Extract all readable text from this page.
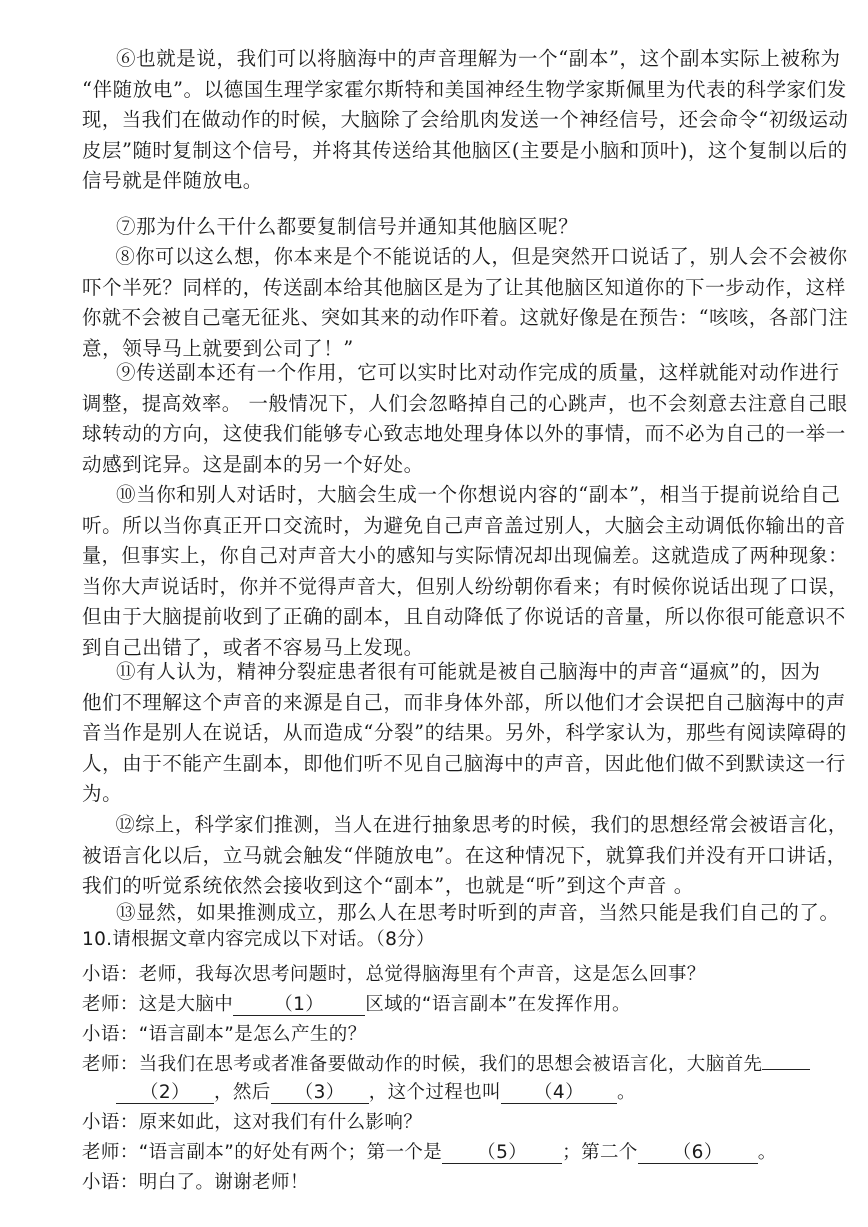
⑥也就是说，我们可以将脑海中的声音理解为一个“副本”，这个副本实际上被称为
“伴随放电”。以德国生理学家霍尔斯特和美国神经生物学家斯佩里为代表的科学家们发
现，当我们在做动作的时候，大脑除了会给肌肉发送一个神经信号，还会命令“初级运动
皮层”随时复制这个信号，并将其传送给其他脑区(主要是小脑和顶叶)，这个复制以后的
信号就是伴随放电。
⑦那为什么干什么都要复制信号并通知其他脑区呢？
⑧你可以这么想，你本来是个不能说话的人，但是突然开口说话了，别人会不会被你
吓个半死？同样的，传送副本给其他脑区是为了让其他脑区知道你的下一步动作，这样
你就不会被自己毫无征兆、突如其来的动作吓着。这就好像是在预告：“咳咳，各部门注
意，领导马上就要到公司了！”
⑨传送副本还有一个作用，它可以实时比对动作完成的质量，这样就能对动作进行
调整，提高效率。 一般情况下，人们会忽略掉自己的心跳声，也不会刻意去注意自己眼
球转动的方向，这使我们能够专心致志地处理身体以外的事情，而不必为自己的一举一
动感到诧异。这是副本的另一个好处。
⑩当你和别人对话时，大脑会生成一个你想说内容的“副本”，相当于提前说给自己
听。所以当你真正开口交流时，为避免自己声音盖过别人，大脑会主动调低你输出的音
量，但事实上，你自己对声音大小的感知与实际情况却出现偏差。这就造成了两种现象：
当你大声说话时，你并不觉得声音大，但别人纷纷朝你看来；有时候你说话出现了口误，
但由于大脑提前收到了正确的副本，且自动降低了你说话的音量，所以你很可能意识不
到自己出错了，或者不容易马上发现。
⑪有人认为，精神分裂症患者很有可能就是被自己脑海中的声音“逼疯”的，因为
他们不理解这个声音的来源是自己，而非身体外部，所以他们才会误把自己脑海中的声
音当作是别人在说话，从而造成“分裂”的结果。另外，科学家认为，那些有阅读障碍的
人，由于不能产生副本，即他们听不见自己脑海中的声音，因此他们做不到默读这一行
为。
⑫综上，科学家们推测，当人在进行抽象思考的时候，我们的思想经常会被语言化，
被语言化以后，立马就会触发“伴随放电”。在这种情况下，就算我们并没有开口讲话，
我们的听觉系统依然会接收到这个“副本”，也就是“听”到这个声音 。
⑬显然，如果推测成立，那么人在思考时听到的声音，当然只能是我们自己的了。
10.请根据文章内容完成以下对话。（8分）
小语：老师，我每次思考问题时，总觉得脑海里有个声音，这是怎么回事？
老师：这是大脑中 （1） 区域的“语言副本”在发挥作用。
小语：“语言副本”是怎么产生的？
老师：当我们在思考或者准备要做动作的时候，我们的思想会被语言化，大脑首先
（2） ，然后 （3） ，这个过程也叫 （4） 。
小语：原来如此，这对我们有什么影响？
老师：“语言副本”的好处有两个；第一个是 （5） ；第二个 （6） 。
小语：明白了。谢谢老师！
